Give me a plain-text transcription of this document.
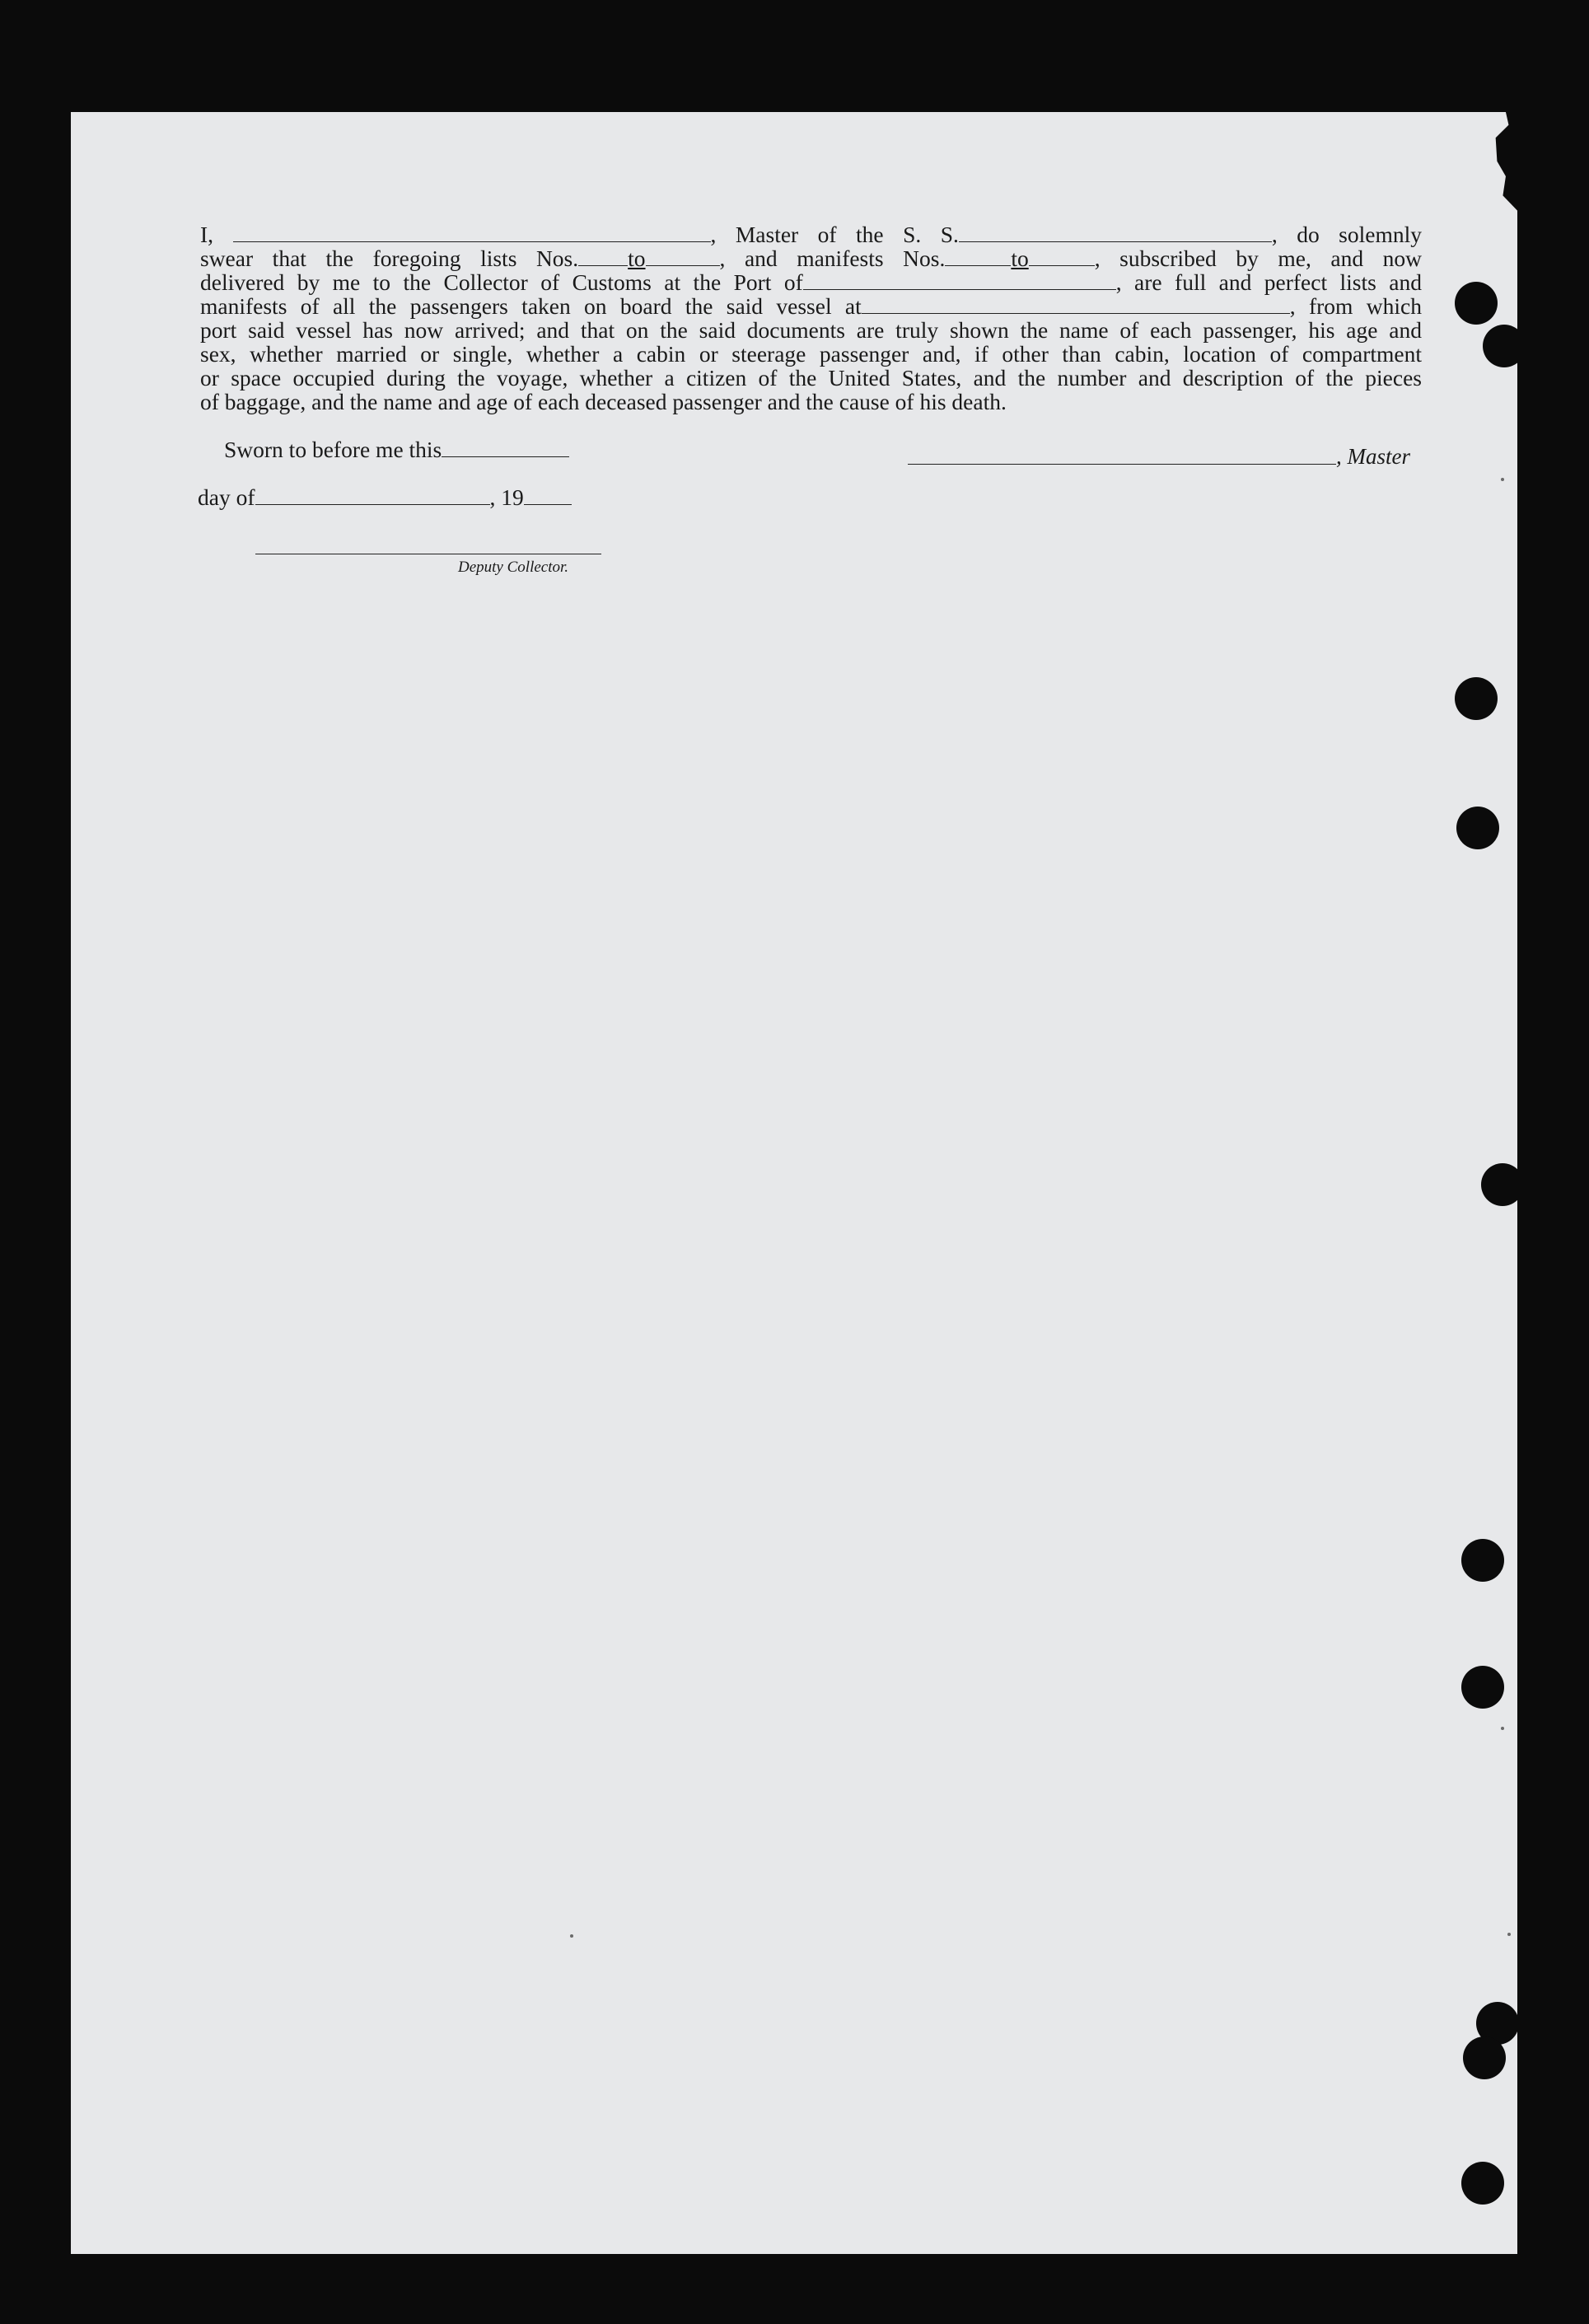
I,	, Master of the S. S.	, do solemnly
swear that the foregoing lists Nos. to	, and manifests Nos.	to	, subscribed by me, and now
delivered by me to the Collector of Customs at the Port of	, are full and perfect lists and
manifests of all the passengers taken on board the said vessel at	, from which
port said vessel has now arrived; and that on the said documents are truly shown the name of each passenger, his age and
sex, whether married or single, whether a cabin or steerage passenger and, if other than cabin, location of compartment
or space occupied during the voyage, whether a citizen of the United States, and the number and description of the pieces
of baggage, and the name and age of each deceased passenger and the cause of his death.
Sworn to before me this
day of	, 19
Deputy Collector.
, Master
